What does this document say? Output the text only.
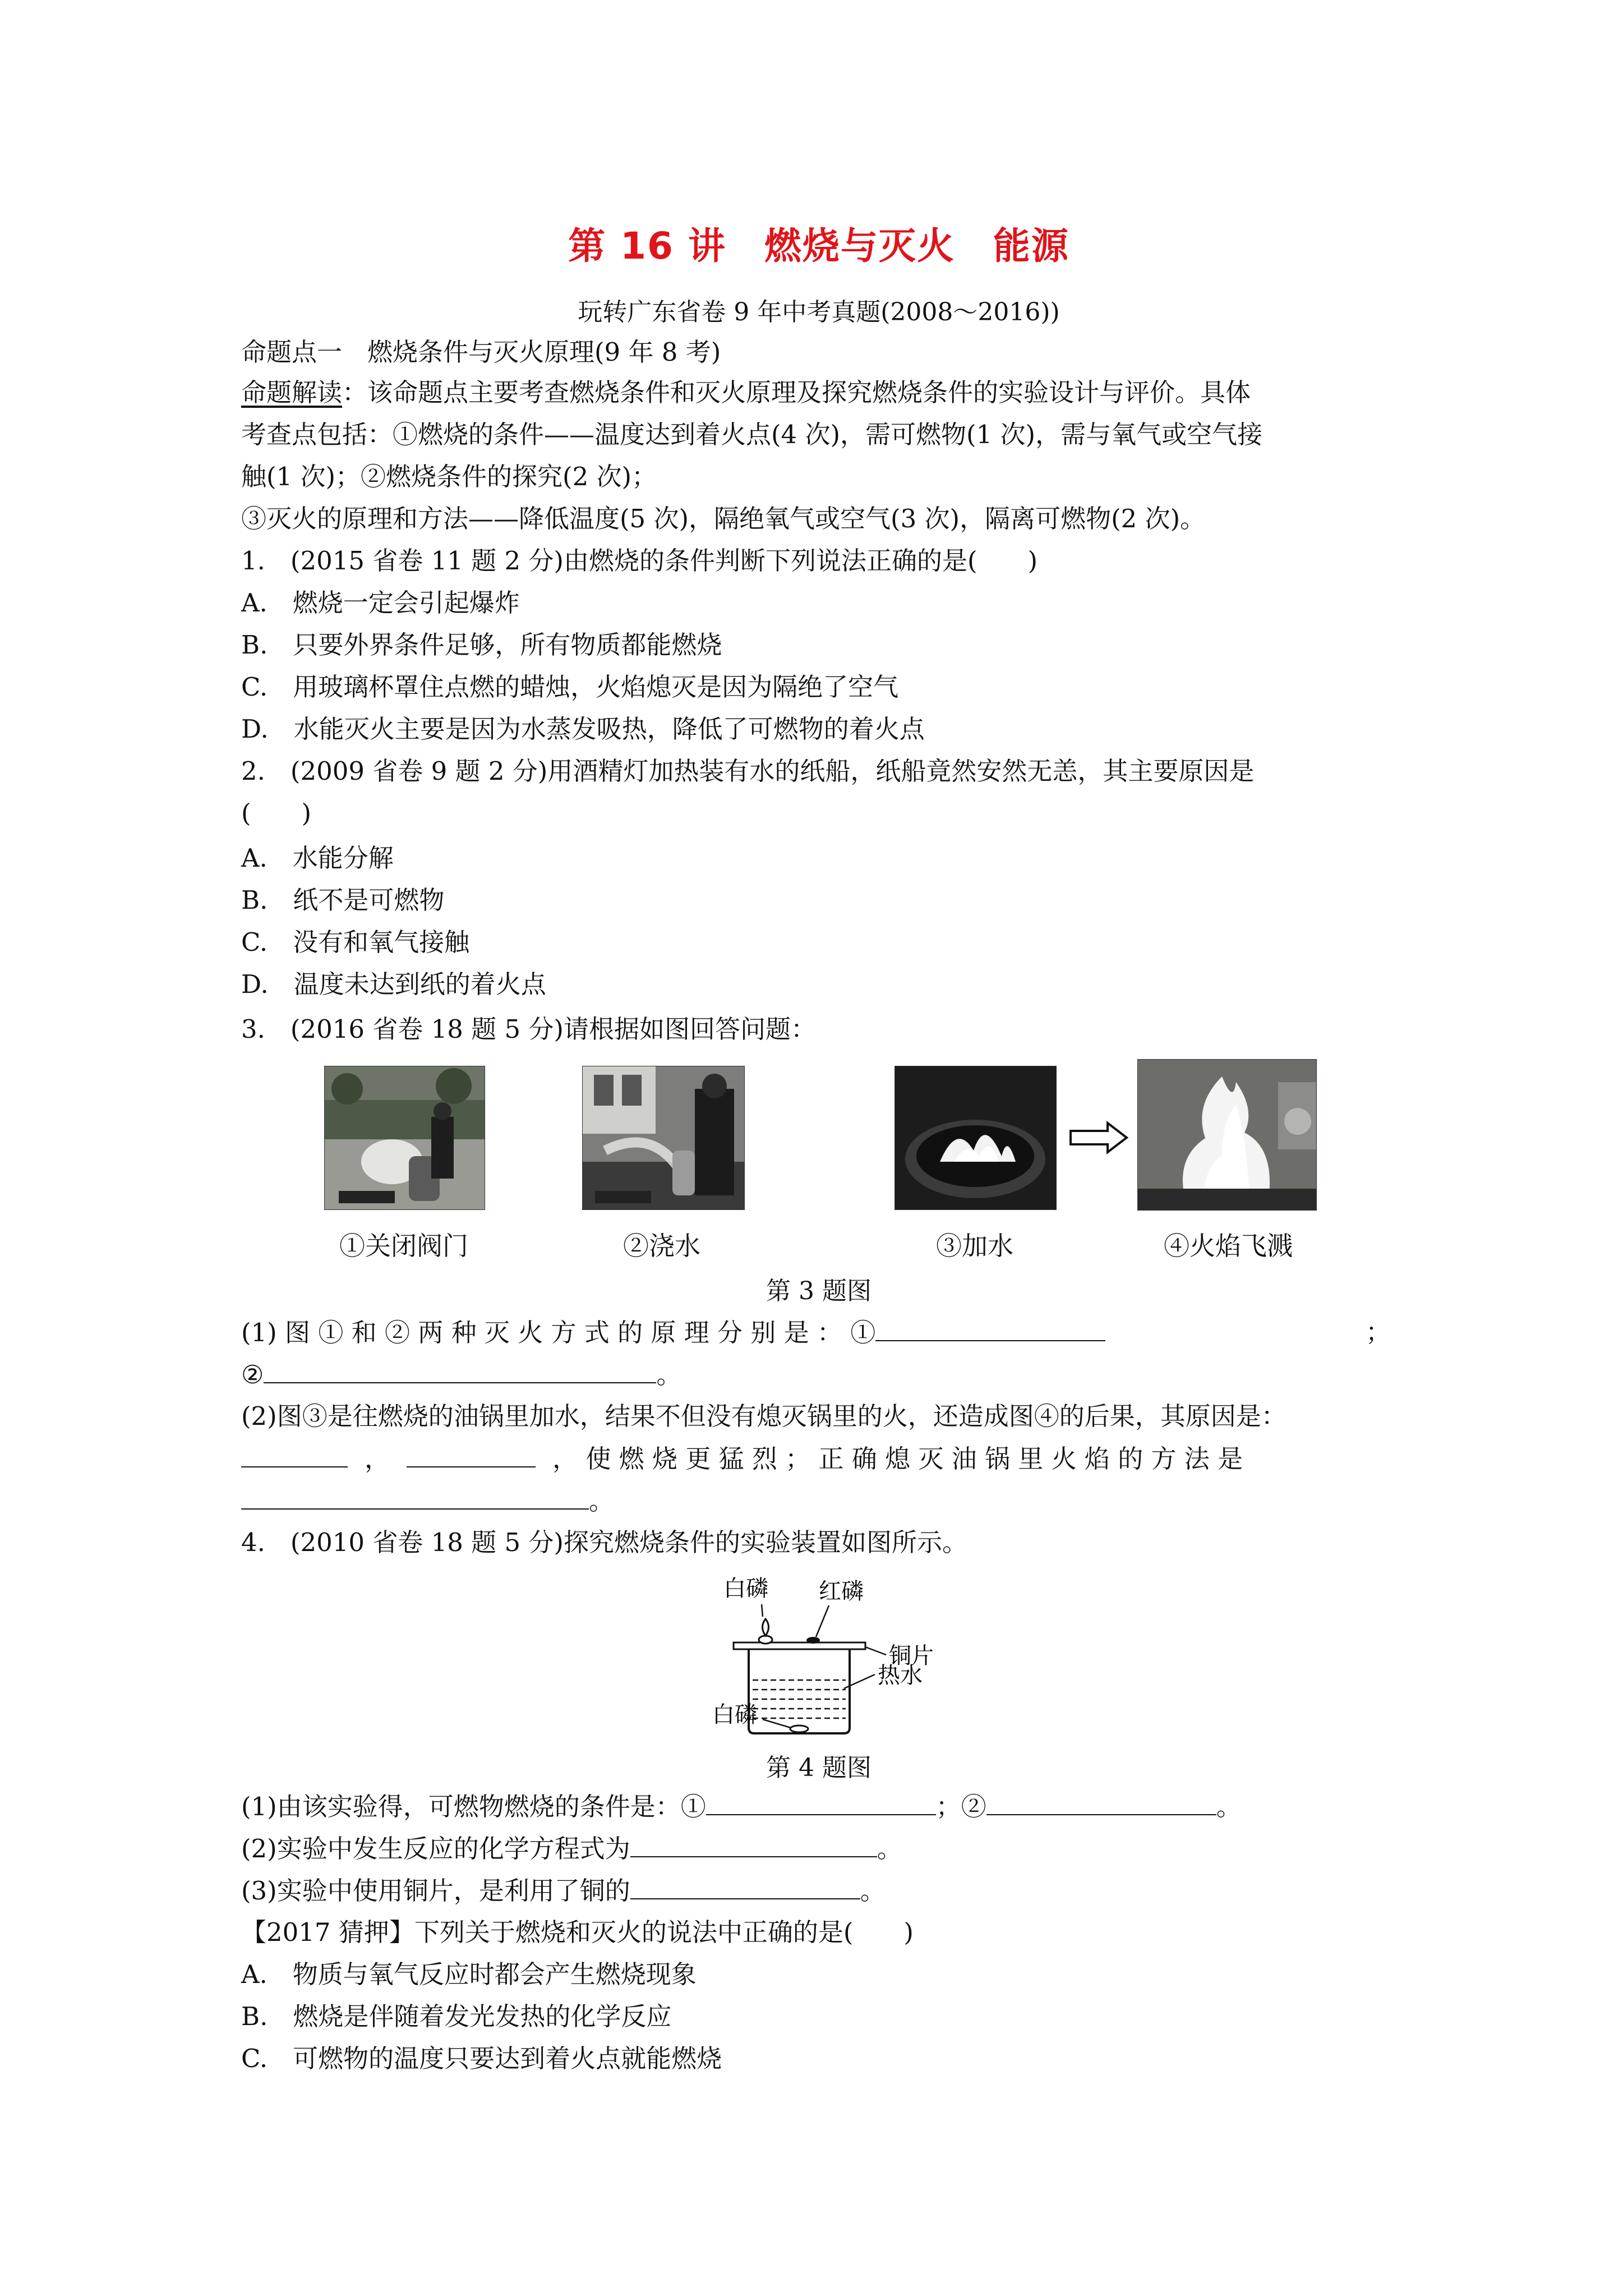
第 16 讲　燃烧与灭火　能源
玩转广东省卷 9 年中考真题(2008～2016))
命题点一　燃烧条件与灭火原理(9 年 8 考)
命题解读：该命题点主要考查燃烧条件和灭火原理及探究燃烧条件的实验设计与评价。具体
考查点包括：①燃烧的条件——温度达到着火点(4 次)，需可燃物(1 次)，需与氧气或空气接
触(1 次)；②燃烧条件的探究(2 次)；
③灭火的原理和方法——降低温度(5 次)，隔绝氧气或空气(3 次)，隔离可燃物(2 次)。
1.　(2015 省卷 11 题 2 分)由燃烧的条件判断下列说法正确的是(　　)
A.　燃烧一定会引起爆炸
B.　只要外界条件足够，所有物质都能燃烧
C.　用玻璃杯罩住点燃的蜡烛，火焰熄灭是因为隔绝了空气
D.　水能灭火主要是因为水蒸发吸热，降低了可燃物的着火点
2.　(2009 省卷 9 题 2 分)用酒精灯加热装有水的纸船，纸船竟然安然无恙，其主要原因是
(　　)
A.　水能分解
B.　纸不是可燃物
C.　没有和氧气接触
D.　温度未达到纸的着火点
3.　(2016 省卷 18 题 5 分)请根据如图回答问题：
①关闭阀门	②浇水	③加水	④火焰飞溅
第 3 题图
(1) 图 ① 和 ② 两 种 灭 火 方 式 的 原 理 分 别 是 ： ①	；
②	。
(2)图③是往燃烧的油锅里加水，结果不但没有熄灭锅里的火，还造成图④的后果，其原因是：
，	， 使 燃 烧 更 猛 烈 ； 正 确 熄 灭 油 锅 里 火 焰 的 方 法 是
。
4.　(2010 省卷 18 题 5 分)探究燃烧条件的实验装置如图所示。
白磷 红磷
铜片
热水
白磷
第 4 题图
(1)由该实验得，可燃物燃烧的条件是：①	；②	。
(2)实验中发生反应的化学方程式为	。
(3)实验中使用铜片，是利用了铜的	。
【2017 猜押】下列关于燃烧和灭火的说法中正确的是(　　)
A.　物质与氧气反应时都会产生燃烧现象
B.　燃烧是伴随着发光发热的化学反应
C.　可燃物的温度只要达到着火点就能燃烧
